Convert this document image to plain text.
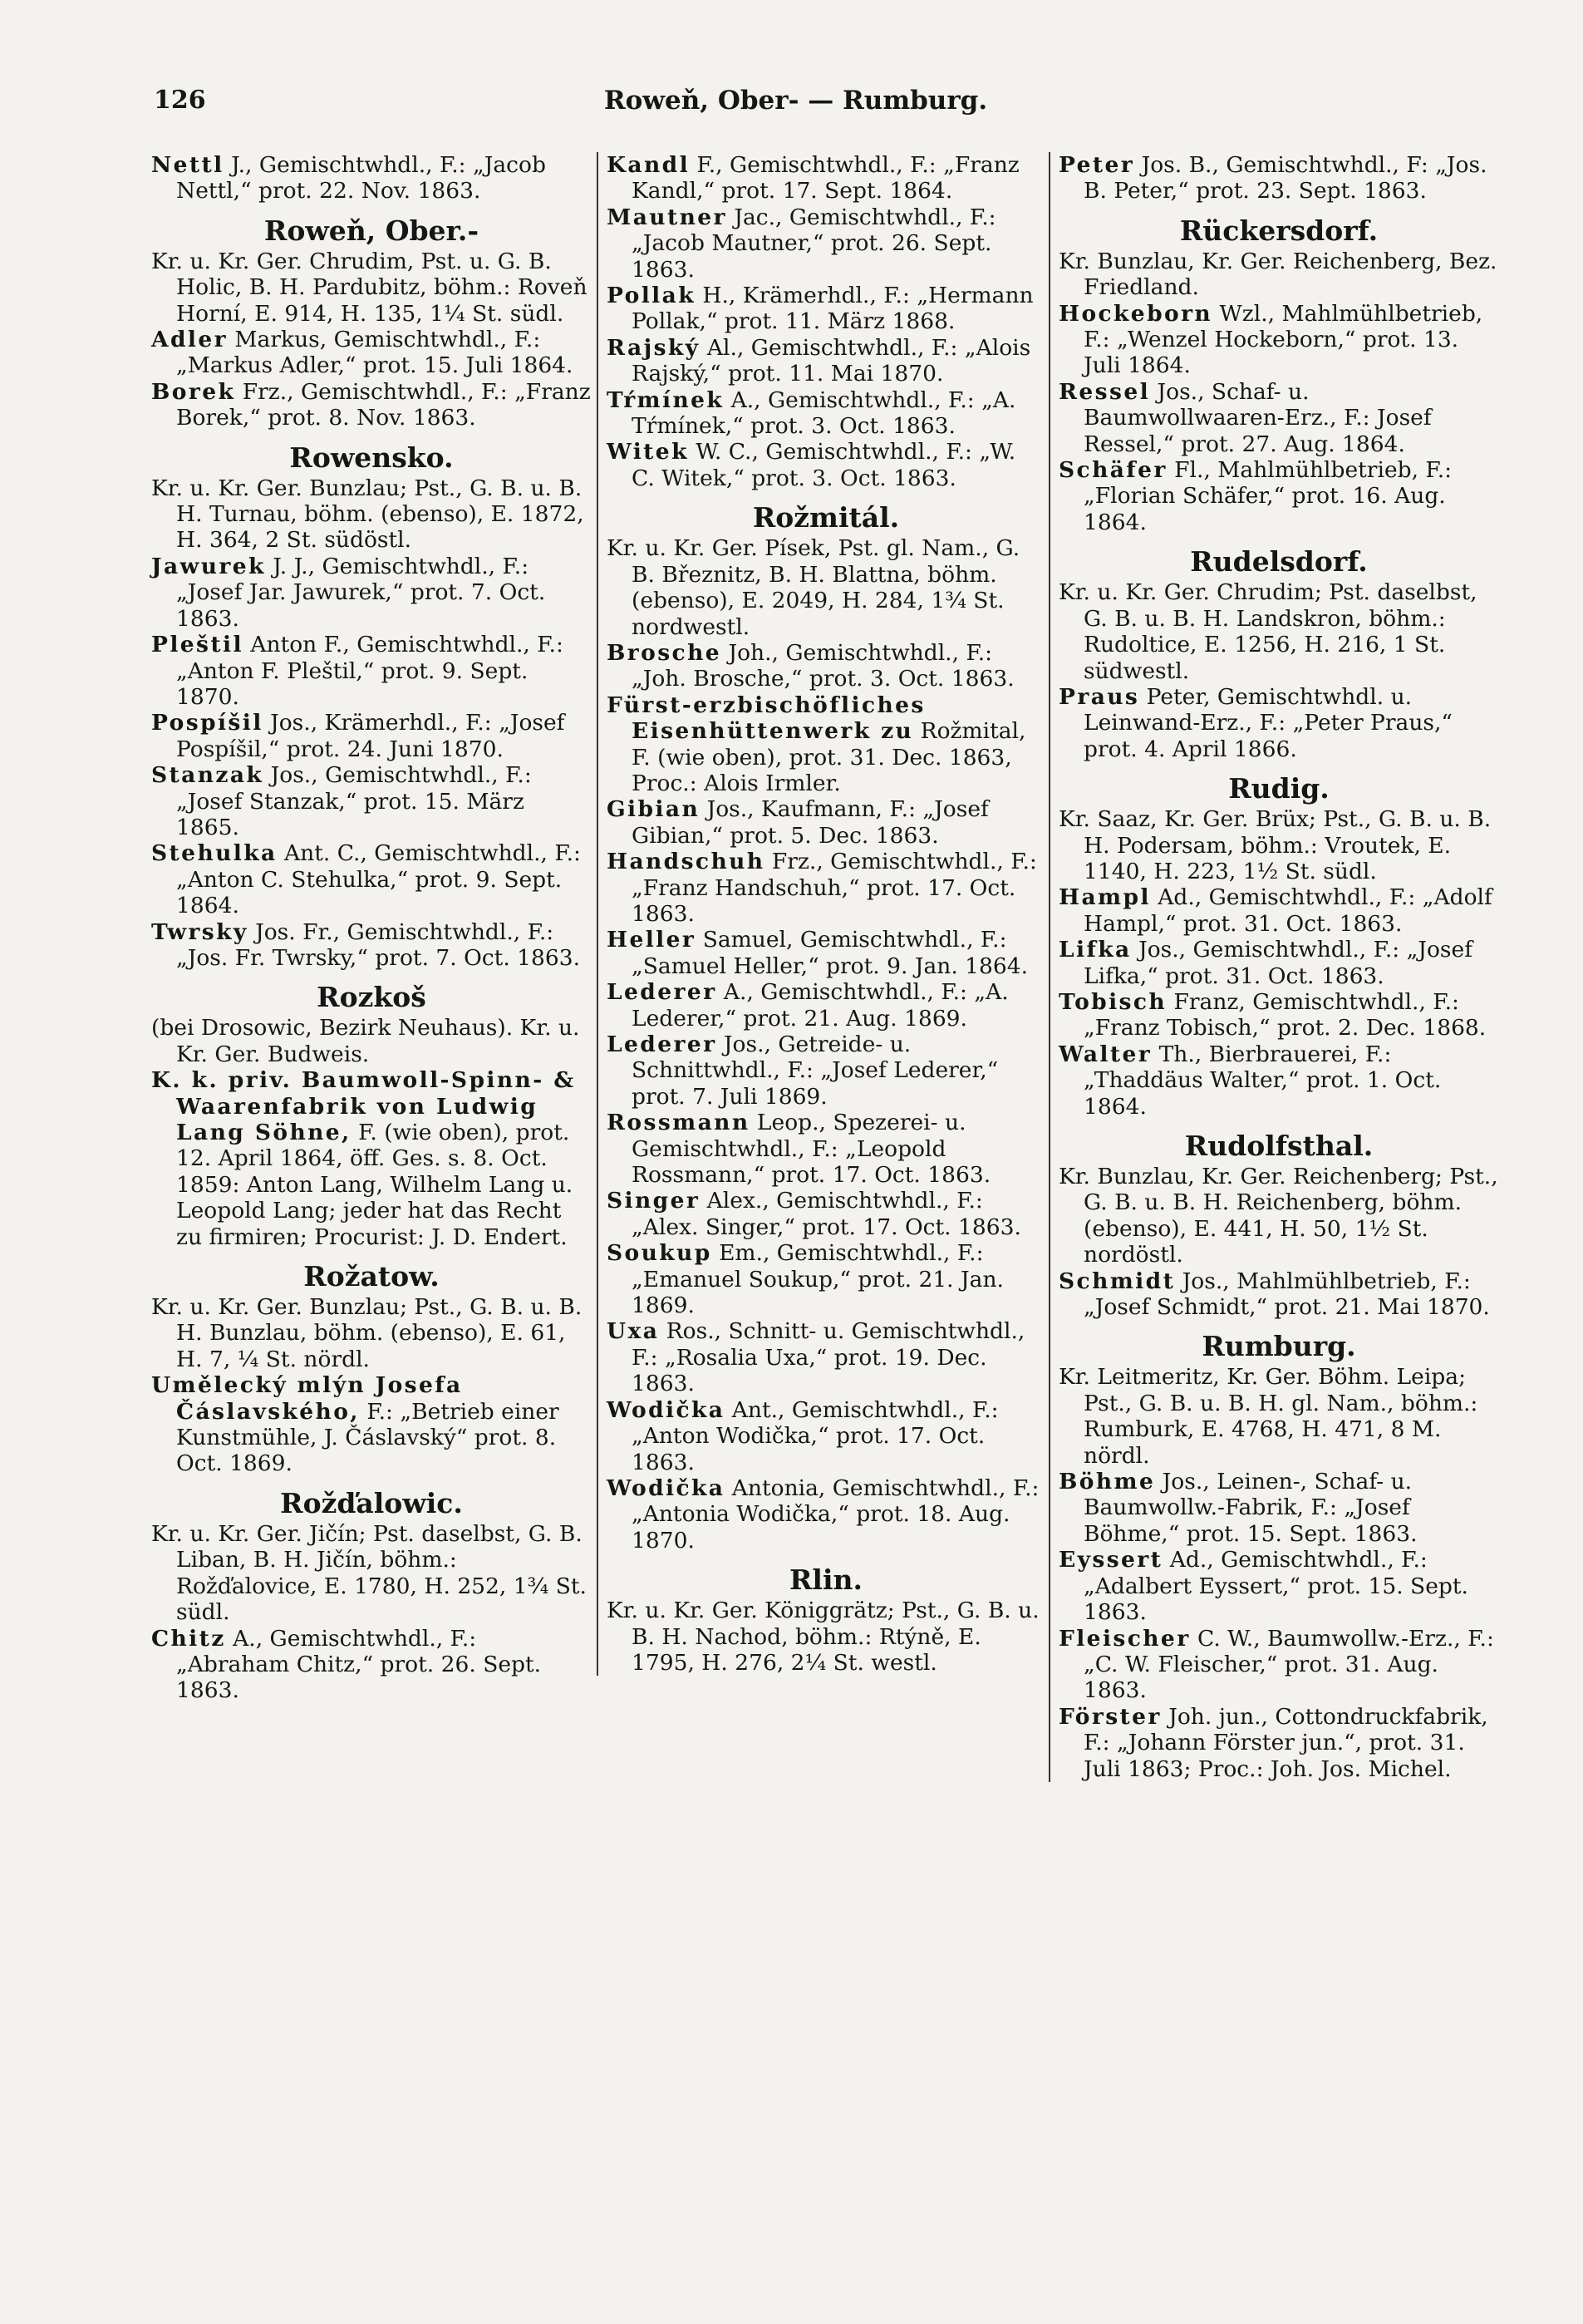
126	Roweň, Ober- — Rumburg.

Nettl J., Gemischtwhdl., F.: „Jacob Nettl,“ prot. 22. Nov. 1863.

Roweň, Ober.-

Kr. u. Kr. Ger. Chrudim, Pst. u. G. B. Holic, B. H. Pardubitz, böhm.: Roveň Horní, E. 914, H. 135, 1¼ St. südl.

Adler Markus, Gemischtwhdl., F.: „Markus Adler,“ prot. 15. Juli 1864.

Borek Frz., Gemischtwhdl., F.: „Franz Borek,“ prot. 8. Nov. 1863.

Rowensko.

Kr. u. Kr. Ger. Bunzlau; Pst., G. B. u. B. H. Turnau, böhm. (ebenso), E. 1872, H. 364, 2 St. südöstl.

Jawurek J. J., Gemischtwhdl., F.: „Josef Jar. Jawurek,“ prot. 7. Oct. 1863.

Pleštil Anton F., Gemischtwhdl., F.: „Anton F. Pleštil,“ prot. 9. Sept. 1870.

Pospíšil Jos., Krämerhdl., F.: „Josef Pospíšil,“ prot. 24. Juni 1870.

Stanzak Jos., Gemischtwhdl., F.: „Josef Stanzak,“ prot. 15. März 1865.

Stehulka Ant. C., Gemischtwhdl., F.: „Anton C. Stehulka,“ prot. 9. Sept. 1864.

Twrsky Jos. Fr., Gemischtwhdl., F.: „Jos. Fr. Twrsky,“ prot. 7. Oct. 1863.

Rozkoš

(bei Drosowic, Bezirk Neuhaus). Kr. u. Kr. Ger. Budweis.

K. k. priv. Baumwoll-Spinn- & Waarenfabrik von Ludwig Lang Söhne, F. (wie oben), prot. 12. April 1864, öff. Ges. s. 8. Oct. 1859: Anton Lang, Wilhelm Lang u. Leopold Lang; jeder hat das Recht zu firmiren; Procurist: J. D. Endert.

Rožatow.

Kr. u. Kr. Ger. Bunzlau; Pst., G. B. u. B. H. Bunzlau, böhm. (ebenso), E. 61, H. 7, ¼ St. nördl.

Umělecký mlýn Josefa Čáslavského, F.: „Betrieb einer Kunstmühle, J. Čáslavský“ prot. 8. Oct. 1869.

Rožďalowic.

Kr. u. Kr. Ger. Jičín; Pst. daselbst, G. B. Liban, B. H. Jičín, böhm.: Rožďalovice, E. 1780, H. 252, 1¾ St. südl.

Chitz A., Gemischtwhdl., F.: „Abraham Chitz,“ prot. 26. Sept. 1863.

Kandl F., Gemischtwhdl., F.: „Franz Kandl,“ prot. 17. Sept. 1864.

Mautner Jac., Gemischtwhdl., F.: „Jacob Mautner,“ prot. 26. Sept. 1863.

Pollak H., Krämerhdl., F.: „Hermann Pollak,“ prot. 11. März 1868.

Rajský Al., Gemischtwhdl., F.: „Alois Rajský,“ prot. 11. Mai 1870.

Tŕmínek A., Gemischtwhdl., F.: „A. Tŕmínek,“ prot. 3. Oct. 1863.

Witek W. C., Gemischtwhdl., F.: „W. C. Witek,“ prot. 3. Oct. 1863.

Rožmitál.

Kr. u. Kr. Ger. Písek, Pst. gl. Nam., G. B. Březnitz, B. H. Blattna, böhm. (ebenso), E. 2049, H. 284, 1¾ St. nordwestl.

Brosche Joh., Gemischtwhdl., F.: „Joh. Brosche,“ prot. 3. Oct. 1863.

Fürst-erzbischöfliches Eisenhüttenwerk zu Rožmital, F. (wie oben), prot. 31. Dec. 1863, Proc.: Alois Irmler.

Gibian Jos., Kaufmann, F.: „Josef Gibian,“ prot. 5. Dec. 1863.

Handschuh Frz., Gemischtwhdl., F.: „Franz Handschuh,“ prot. 17. Oct. 1863.

Heller Samuel, Gemischtwhdl., F.: „Samuel Heller,“ prot. 9. Jan. 1864.

Lederer A., Gemischtwhdl., F.: „A. Lederer,“ prot. 21. Aug. 1869.

Lederer Jos., Getreide- u. Schnittwhdl., F.: „Josef Lederer,“ prot. 7. Juli 1869.

Rossmann Leop., Spezerei- u. Gemischtwhdl., F.: „Leopold Rossmann,“ prot. 17. Oct. 1863.

Singer Alex., Gemischtwhdl., F.: „Alex. Singer,“ prot. 17. Oct. 1863.

Soukup Em., Gemischtwhdl., F.: „Emanuel Soukup,“ prot. 21. Jan. 1869.

Uxa Ros., Schnitt- u. Gemischtwhdl., F.: „Rosalia Uxa,“ prot. 19. Dec. 1863.

Wodička Ant., Gemischtwhdl., F.: „Anton Wodička,“ prot. 17. Oct. 1863.

Wodička Antonia, Gemischtwhdl., F.: „Antonia Wodička,“ prot. 18. Aug. 1870.

Rlin.

Kr. u. Kr. Ger. Königgrätz; Pst., G. B. u. B. H. Nachod, böhm.: Rtýně, E. 1795, H. 276, 2¼ St. westl.

Peter Jos. B., Gemischtwhdl., F: „Jos. B. Peter,“ prot. 23. Sept. 1863.

Rückersdorf.

Kr. Bunzlau, Kr. Ger. Reichenberg, Bez. Friedland.

Hockeborn Wzl., Mahlmühlbetrieb, F.: „Wenzel Hockeborn,“ prot. 13. Juli 1864.

Ressel Jos., Schaf- u. Baumwollwaaren-Erz., F.: Josef Ressel,“ prot. 27. Aug. 1864.

Schäfer Fl., Mahlmühlbetrieb, F.: „Florian Schäfer,“ prot. 16. Aug. 1864.

Rudelsdorf.

Kr. u. Kr. Ger. Chrudim; Pst. daselbst, G. B. u. B. H. Landskron, böhm.: Rudoltice, E. 1256, H. 216, 1 St. südwestl.

Praus Peter, Gemischtwhdl. u. Leinwand-Erz., F.: „Peter Praus,“ prot. 4. April 1866.

Rudig.

Kr. Saaz, Kr. Ger. Brüx; Pst., G. B. u. B. H. Podersam, böhm.: Vroutek, E. 1140, H. 223, 1½ St. südl.

Hampl Ad., Gemischtwhdl., F.: „Adolf Hampl,“ prot. 31. Oct. 1863.

Lifka Jos., Gemischtwhdl., F.: „Josef Lifka,“ prot. 31. Oct. 1863.

Tobisch Franz, Gemischtwhdl., F.: „Franz Tobisch,“ prot. 2. Dec. 1868.

Walter Th., Bierbrauerei, F.: „Thaddäus Walter,“ prot. 1. Oct. 1864.

Rudolfsthal.

Kr. Bunzlau, Kr. Ger. Reichenberg; Pst., G. B. u. B. H. Reichenberg, böhm. (ebenso), E. 441, H. 50, 1½ St. nordöstl.

Schmidt Jos., Mahlmühlbetrieb, F.: „Josef Schmidt,“ prot. 21. Mai 1870.

Rumburg.

Kr. Leitmeritz, Kr. Ger. Böhm. Leipa; Pst., G. B. u. B. H. gl. Nam., böhm.: Rumburk, E. 4768, H. 471, 8 M. nördl.

Böhme Jos., Leinen-, Schaf- u. Baumwollw.-Fabrik, F.: „Josef Böhme,“ prot. 15. Sept. 1863.

Eyssert Ad., Gemischtwhdl., F.: „Adalbert Eyssert,“ prot. 15. Sept. 1863.

Fleischer C. W., Baumwollw.-Erz., F.: „C. W. Fleischer,“ prot. 31. Aug. 1863.

Förster Joh. jun., Cottondruckfabrik, F.: „Johann Förster jun.“, prot. 31. Juli 1863; Proc.: Joh. Jos. Michel.
